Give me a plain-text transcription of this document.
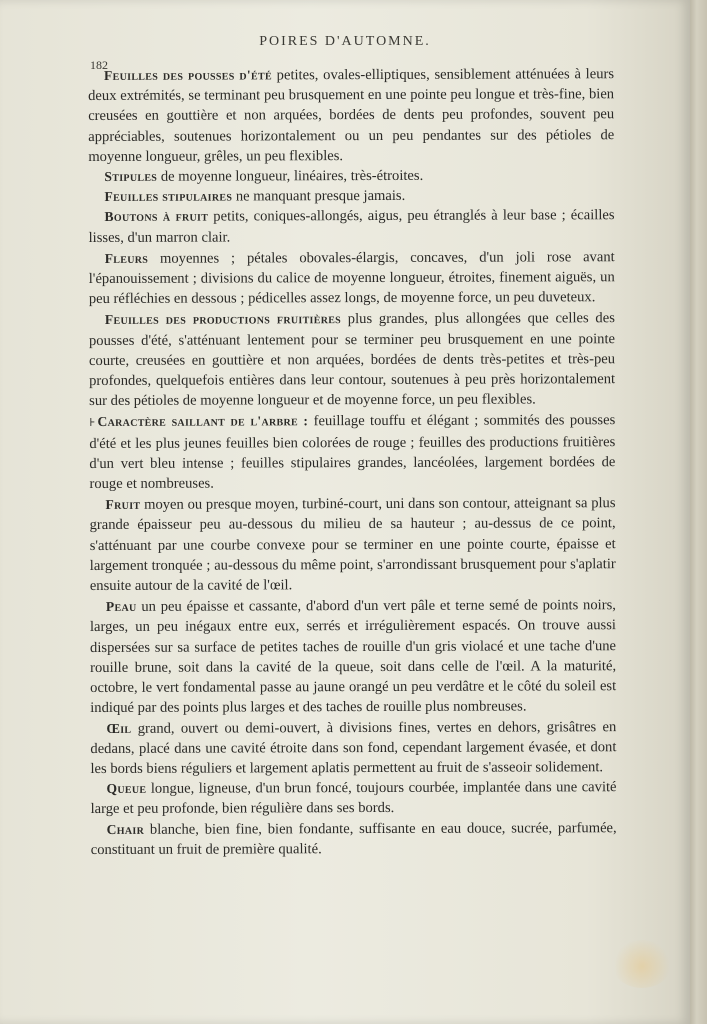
POIRES D'AUTOMNE.
182

Feuilles des pousses d'été petites, ovales-elliptiques, sensiblement atténuées à leurs deux extrémités, se terminant peu brusquement en une pointe peu longue et très-fine, bien creusées en gouttière et non arquées, bordées de dents peu profondes, souvent peu appréciables, soutenues horizontalement ou un peu pendantes sur des pétioles de moyenne longueur, grêles, un peu flexibles.

Stipules de moyenne longueur, linéaires, très-étroites.

Feuilles stipulaires ne manquant presque jamais.

Boutons à fruit petits, coniques-allongés, aigus, peu étranglés à leur base ; écailles lisses, d'un marron clair.

Fleurs moyennes ; pétales obovales-élargis, concaves, d'un joli rose avant l'épanouissement ; divisions du calice de moyenne longueur, étroites, finement aiguës, un peu réfléchies en dessous ; pédicelles assez longs, de moyenne force, un peu duveteux.

Feuilles des productions fruitières plus grandes, plus allongées que celles des pousses d'été, s'atténuant lentement pour se terminer peu brusquement en une pointe courte, creusées en gouttière et non arquées, bordées de dents très-petites et très-peu profondes, quelquefois entières dans leur contour, soutenues à peu près horizontalement sur des pétioles de moyenne longueur et de moyenne force, un peu flexibles.

⊦ Caractère saillant de l'arbre : feuillage touffu et élégant ; sommités des pousses d'été et les plus jeunes feuilles bien colorées de rouge ; feuilles des productions fruitières d'un vert bleu intense ; feuilles stipulaires grandes, lancéolées, largement bordées de rouge et nombreuses.

Fruit moyen ou presque moyen, turbiné-court, uni dans son contour, atteignant sa plus grande épaisseur peu au-dessous du milieu de sa hauteur ; au-dessus de ce point, s'atténuant par une courbe convexe pour se terminer en une pointe courte, épaisse et largement tronquée ; au-dessous du même point, s'arrondissant brusquement pour s'aplatir ensuite autour de la cavité de l'œil.

Peau un peu épaisse et cassante, d'abord d'un vert pâle et terne semé de points noirs, larges, un peu inégaux entre eux, serrés et irrégulièrement espacés. On trouve aussi dispersées sur sa surface de petites taches de rouille d'un gris violacé et une tache d'une rouille brune, soit dans la cavité de la queue, soit dans celle de l'œil. A la maturité, octobre, le vert fondamental passe au jaune orangé un peu verdâtre et le côté du soleil est indiqué par des points plus larges et des taches de rouille plus nombreuses.

Œil grand, ouvert ou demi-ouvert, à divisions fines, vertes en dehors, grisâtres en dedans, placé dans une cavité étroite dans son fond, cependant largement évasée, et dont les bords biens réguliers et largement aplatis permettent au fruit de s'asseoir solidement.

Queue longue, ligneuse, d'un brun foncé, toujours courbée, implantée dans une cavité large et peu profonde, bien régulière dans ses bords.

Chair blanche, bien fine, bien fondante, suffisante en eau douce, sucrée, parfumée, constituant un fruit de première qualité.
